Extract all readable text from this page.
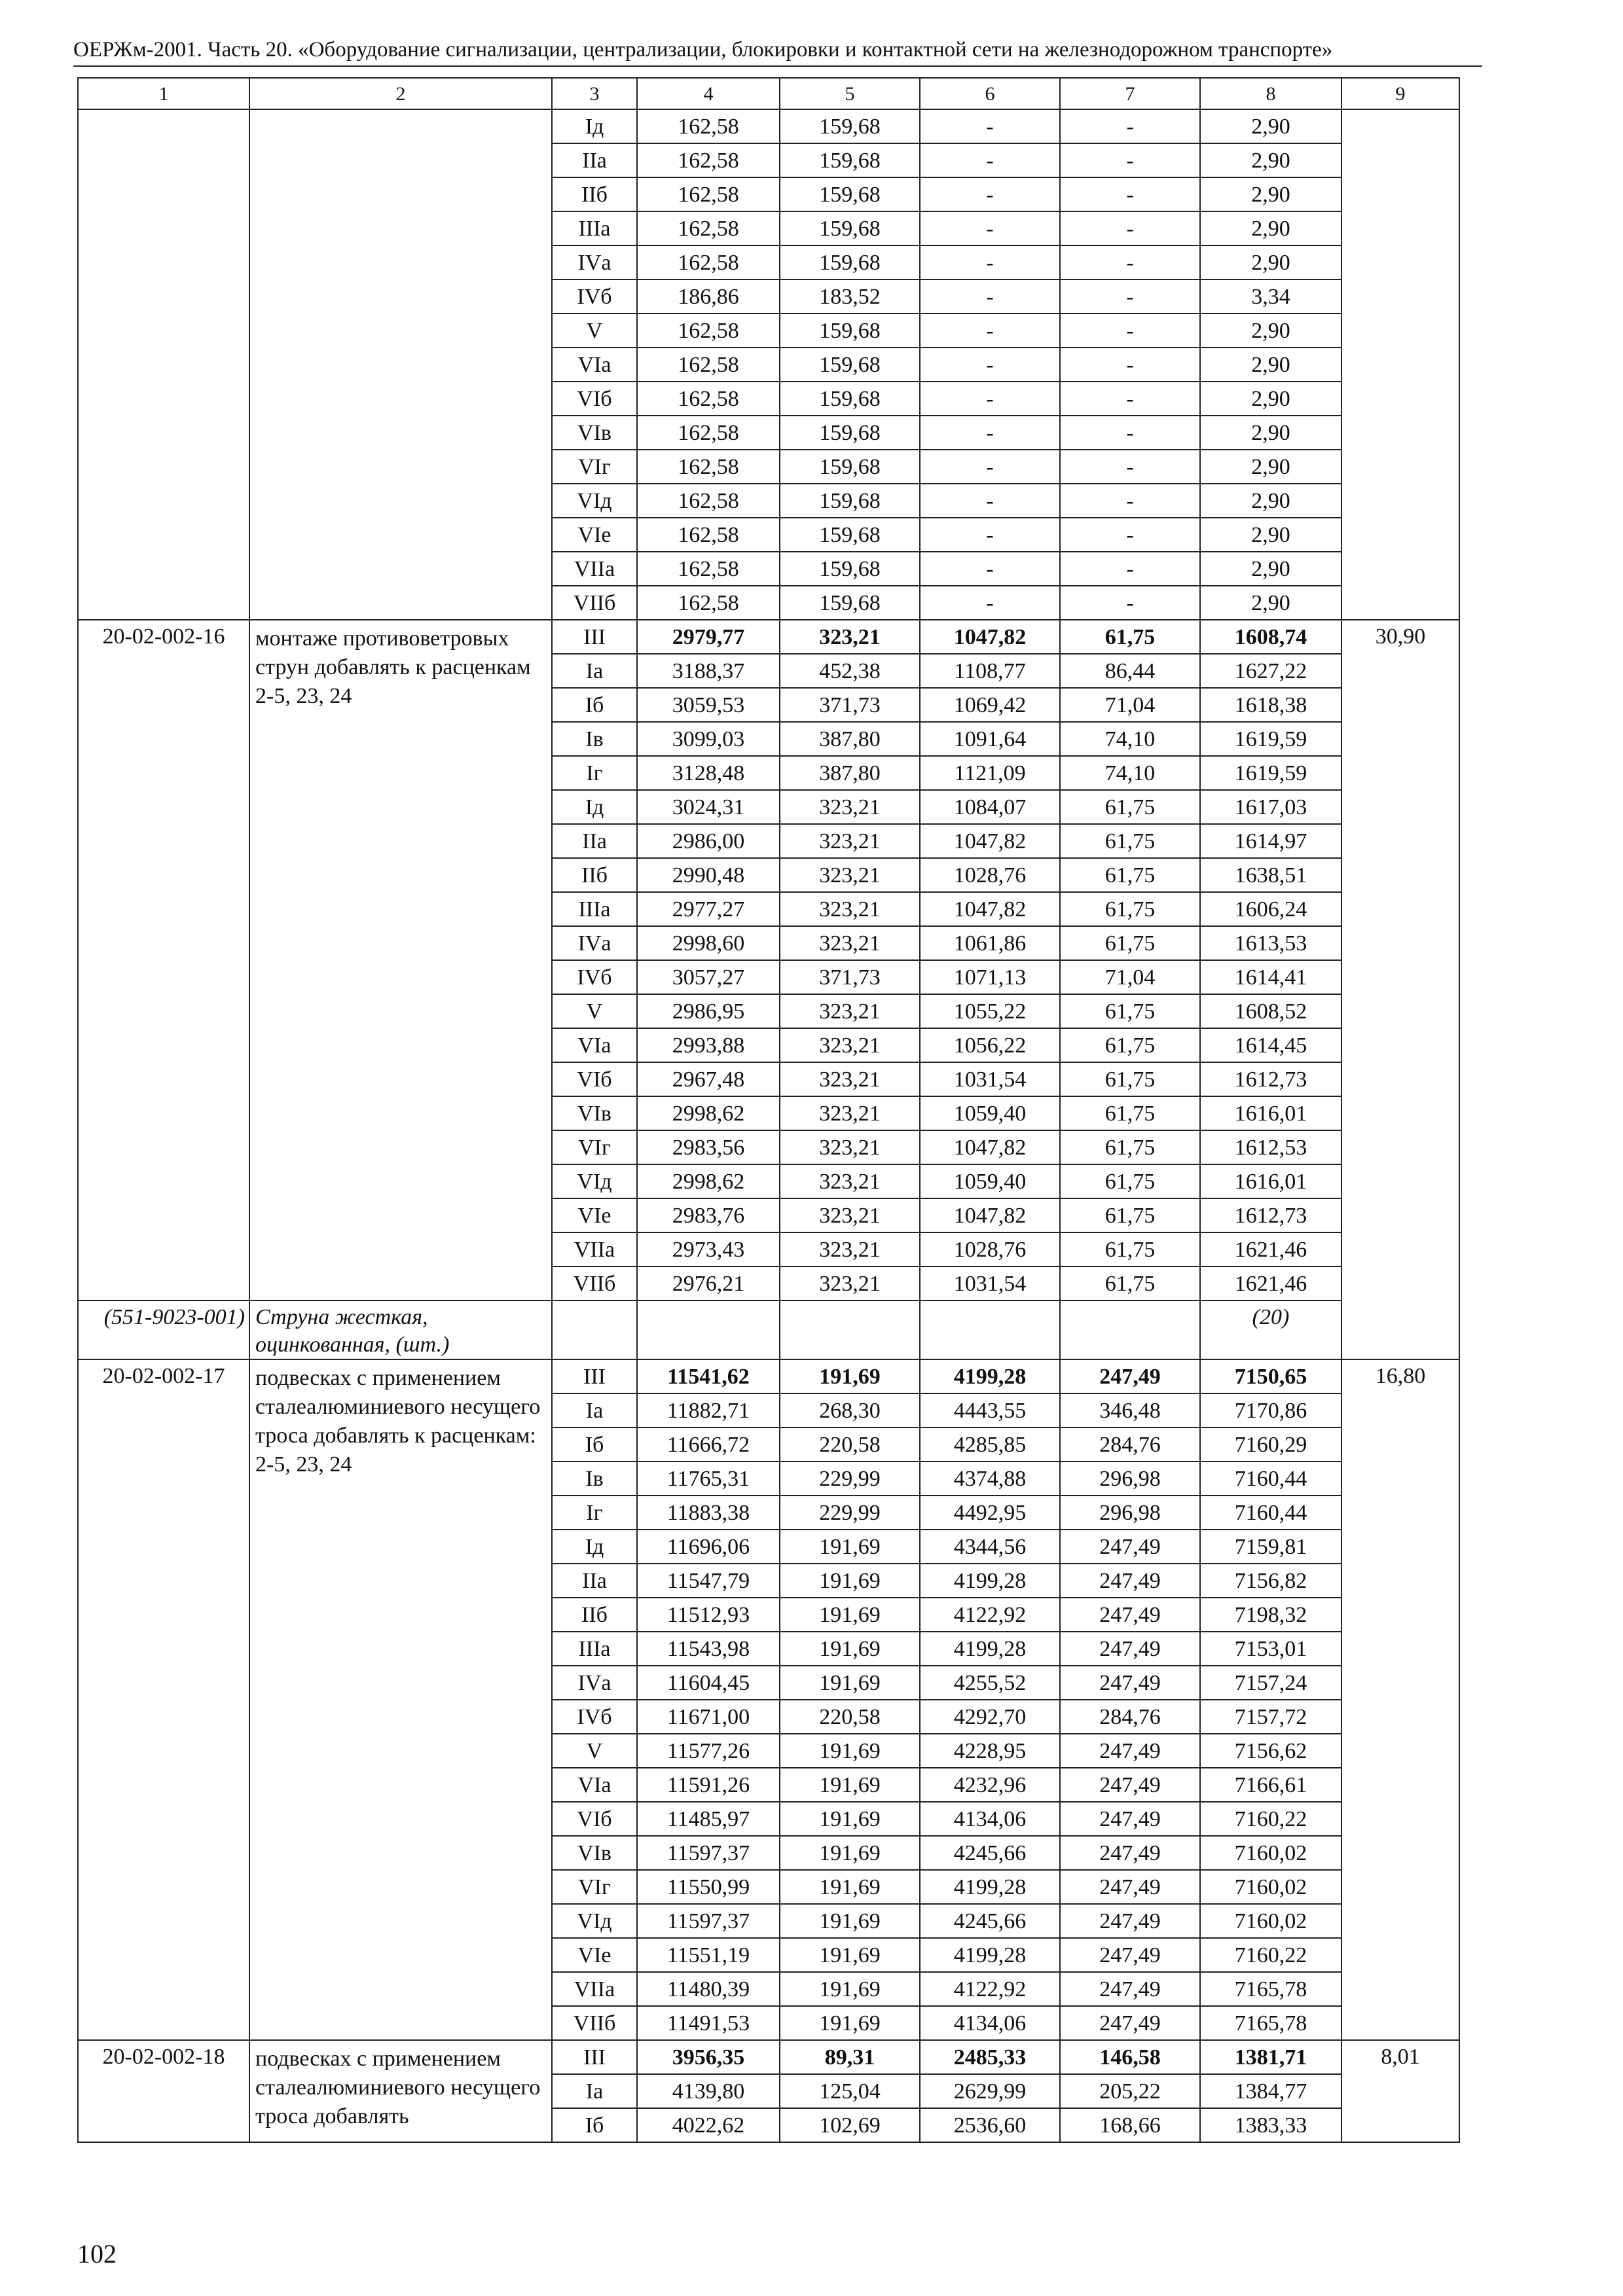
ОЕРЖм-2001. Часть 20. «Оборудование сигнализации, централизации, блокировки и контактной сети на железнодорожном транспорте»
1	2	3	4	5	6	7	8	9
		Iд	162,58	159,68	-	-	2,90	
		IIа	162,58	159,68	-	-	2,90	
		IIб	162,58	159,68	-	-	2,90	
		IIIа	162,58	159,68	-	-	2,90	
		IVа	162,58	159,68	-	-	2,90	
		IVб	186,86	183,52	-	-	3,34	
		V	162,58	159,68	-	-	2,90	
		VIа	162,58	159,68	-	-	2,90	
		VIб	162,58	159,68	-	-	2,90	
		VIв	162,58	159,68	-	-	2,90	
		VIг	162,58	159,68	-	-	2,90	
		VIд	162,58	159,68	-	-	2,90	
		VIе	162,58	159,68	-	-	2,90	
		VIIа	162,58	159,68	-	-	2,90	
		VIIб	162,58	159,68	-	-	2,90	
20-02-002-16	монтаже противоветровых струн добавлять к расценкам 2-5, 23, 24	III	2979,77	323,21	1047,82	61,75	1608,74	30,90
		Iа	3188,37	452,38	1108,77	86,44	1627,22	
		Iб	3059,53	371,73	1069,42	71,04	1618,38	
		Iв	3099,03	387,80	1091,64	74,10	1619,59	
		Iг	3128,48	387,80	1121,09	74,10	1619,59	
		Iд	3024,31	323,21	1084,07	61,75	1617,03	
		IIа	2986,00	323,21	1047,82	61,75	1614,97	
		IIб	2990,48	323,21	1028,76	61,75	1638,51	
		IIIа	2977,27	323,21	1047,82	61,75	1606,24	
		IVа	2998,60	323,21	1061,86	61,75	1613,53	
		IVб	3057,27	371,73	1071,13	71,04	1614,41	
		V	2986,95	323,21	1055,22	61,75	1608,52	
		VIа	2993,88	323,21	1056,22	61,75	1614,45	
		VIб	2967,48	323,21	1031,54	61,75	1612,73	
		VIв	2998,62	323,21	1059,40	61,75	1616,01	
		VIг	2983,56	323,21	1047,82	61,75	1612,53	
		VIд	2998,62	323,21	1059,40	61,75	1616,01	
		VIе	2983,76	323,21	1047,82	61,75	1612,73	
		VIIа	2973,43	323,21	1028,76	61,75	1621,46	
		VIIб	2976,21	323,21	1031,54	61,75	1621,46	
(551-9023-001)	Струна жесткая, оцинкованная, (шт.)						(20)	
20-02-002-17	подвесках с применением сталеалюминиевого несущего троса добавлять к расценкам: 2-5, 23, 24	III	11541,62	191,69	4199,28	247,49	7150,65	16,80
		Iа	11882,71	268,30	4443,55	346,48	7170,86	
		Iб	11666,72	220,58	4285,85	284,76	7160,29	
		Iв	11765,31	229,99	4374,88	296,98	7160,44	
		Iг	11883,38	229,99	4492,95	296,98	7160,44	
		Iд	11696,06	191,69	4344,56	247,49	7159,81	
		IIа	11547,79	191,69	4199,28	247,49	7156,82	
		IIб	11512,93	191,69	4122,92	247,49	7198,32	
		IIIа	11543,98	191,69	4199,28	247,49	7153,01	
		IVа	11604,45	191,69	4255,52	247,49	7157,24	
		IVб	11671,00	220,58	4292,70	284,76	7157,72	
		V	11577,26	191,69	4228,95	247,49	7156,62	
		VIа	11591,26	191,69	4232,96	247,49	7166,61	
		VIб	11485,97	191,69	4134,06	247,49	7160,22	
		VIв	11597,37	191,69	4245,66	247,49	7160,02	
		VIг	11550,99	191,69	4199,28	247,49	7160,02	
		VIд	11597,37	191,69	4245,66	247,49	7160,02	
		VIе	11551,19	191,69	4199,28	247,49	7160,22	
		VIIа	11480,39	191,69	4122,92	247,49	7165,78	
		VIIб	11491,53	191,69	4134,06	247,49	7165,78	
20-02-002-18	подвесках с применением сталеалюминиевого несущего троса добавлять	III	3956,35	89,31	2485,33	146,58	1381,71	8,01
		Iа	4139,80	125,04	2629,99	205,22	1384,77	
		Iб	4022,62	102,69	2536,60	168,66	1383,33	
102
